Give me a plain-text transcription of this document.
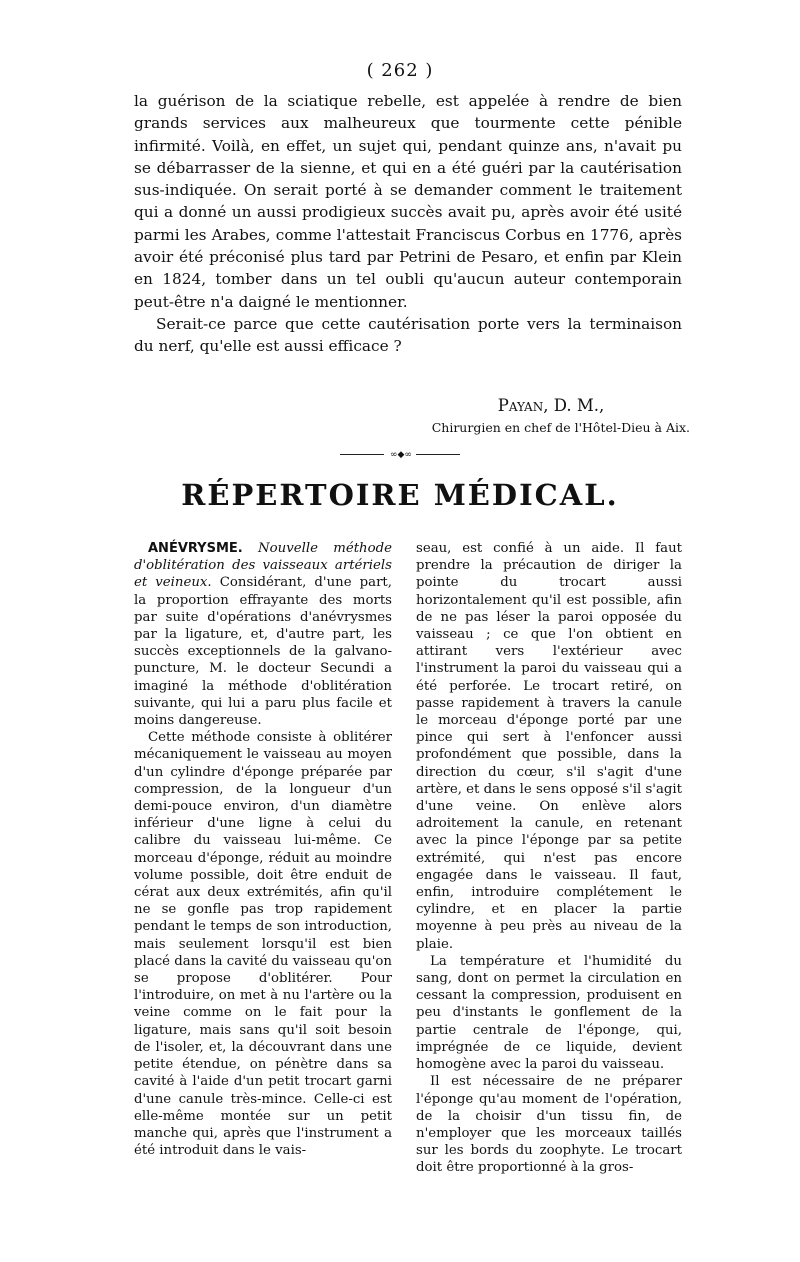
( 262 )

la guérison de la sciatique rebelle, est appelée à rendre de bien grands services aux malheureux que tourmente cette pénible infirmité. Voilà, en effet, un sujet qui, pendant quinze ans, n'avait pu se débarrasser de la sienne, et qui en a été guéri par la cautérisation sus-indiquée. On serait porté à se demander comment le traitement qui a donné un aussi prodigieux succès avait pu, après avoir été usité parmi les Arabes, comme l'attestait Franciscus Corbus en 1776, après avoir été préconisé plus tard par Petrini de Pesaro, et enfin par Klein en 1824, tomber dans un tel oubli qu'aucun auteur contemporain peut-être n'a daigné le mentionner.

Serait-ce parce que cette cautérisation porte vers la terminaison du nerf, qu'elle est aussi efficace ?

Payan, D. M.,
Chirurgien en chef de l'Hôtel-Dieu à Aix.
∞◆∞
RÉPERTOIRE MÉDICAL.

ANÉVRYSME. Nouvelle méthode d'oblitération des vaisseaux artériels et veineux. Considérant, d'une part, la proportion effrayante des morts par suite d'opérations d'anévrysmes par la ligature, et, d'autre part, les succès exceptionnels de la galvano-puncture, M. le docteur Secundi a imaginé la méthode d'oblitération suivante, qui lui a paru plus facile et moins dangereuse.

Cette méthode consiste à oblitérer mécaniquement le vaisseau au moyen d'un cylindre d'éponge préparée par compression, de la longueur d'un demi-pouce environ, d'un diamètre inférieur d'une ligne à celui du calibre du vaisseau lui-même. Ce morceau d'éponge, réduit au moindre volume possible, doit être enduit de cérat aux deux extrémités, afin qu'il ne se gonfle pas trop rapidement pendant le temps de son introduction, mais seulement lorsqu'il est bien placé dans la cavité du vaisseau qu'on se propose d'oblitérer. Pour l'introduire, on met à nu l'artère ou la veine comme on le fait pour la ligature, mais sans qu'il soit besoin de l'isoler, et, la découvrant dans une petite étendue, on pénètre dans sa cavité à l'aide d'un petit trocart garni d'une canule très-mince. Celle-ci est elle-même montée sur un petit manche qui, après que l'instrument a été introduit dans le vais-

seau, est confié à un aide. Il faut prendre la précaution de diriger la pointe du trocart aussi horizontalement qu'il est possible, afin de ne pas léser la paroi opposée du vaisseau ; ce que l'on obtient en attirant vers l'extérieur avec l'instrument la paroi du vaisseau qui a été perforée. Le trocart retiré, on passe rapidement à travers la canule le morceau d'éponge porté par une pince qui sert à l'enfoncer aussi profondément que possible, dans la direction du cœur, s'il s'agit d'une artère, et dans le sens opposé s'il s'agit d'une veine. On enlève alors adroitement la canule, en retenant avec la pince l'éponge par sa petite extrémité, qui n'est pas encore engagée dans le vaisseau. Il faut, enfin, introduire complétement le cylindre, et en placer la partie moyenne à peu près au niveau de la plaie.

La température et l'humidité du sang, dont on permet la circulation en cessant la compression, produisent en peu d'instants le gonflement de la partie centrale de l'éponge, qui, imprégnée de ce liquide, devient homogène avec la paroi du vaisseau.

Il est nécessaire de ne préparer l'éponge qu'au moment de l'opération, de la choisir d'un tissu fin, de n'employer que les morceaux taillés sur les bords du zoophyte. Le trocart doit être proportionné à la gros-
